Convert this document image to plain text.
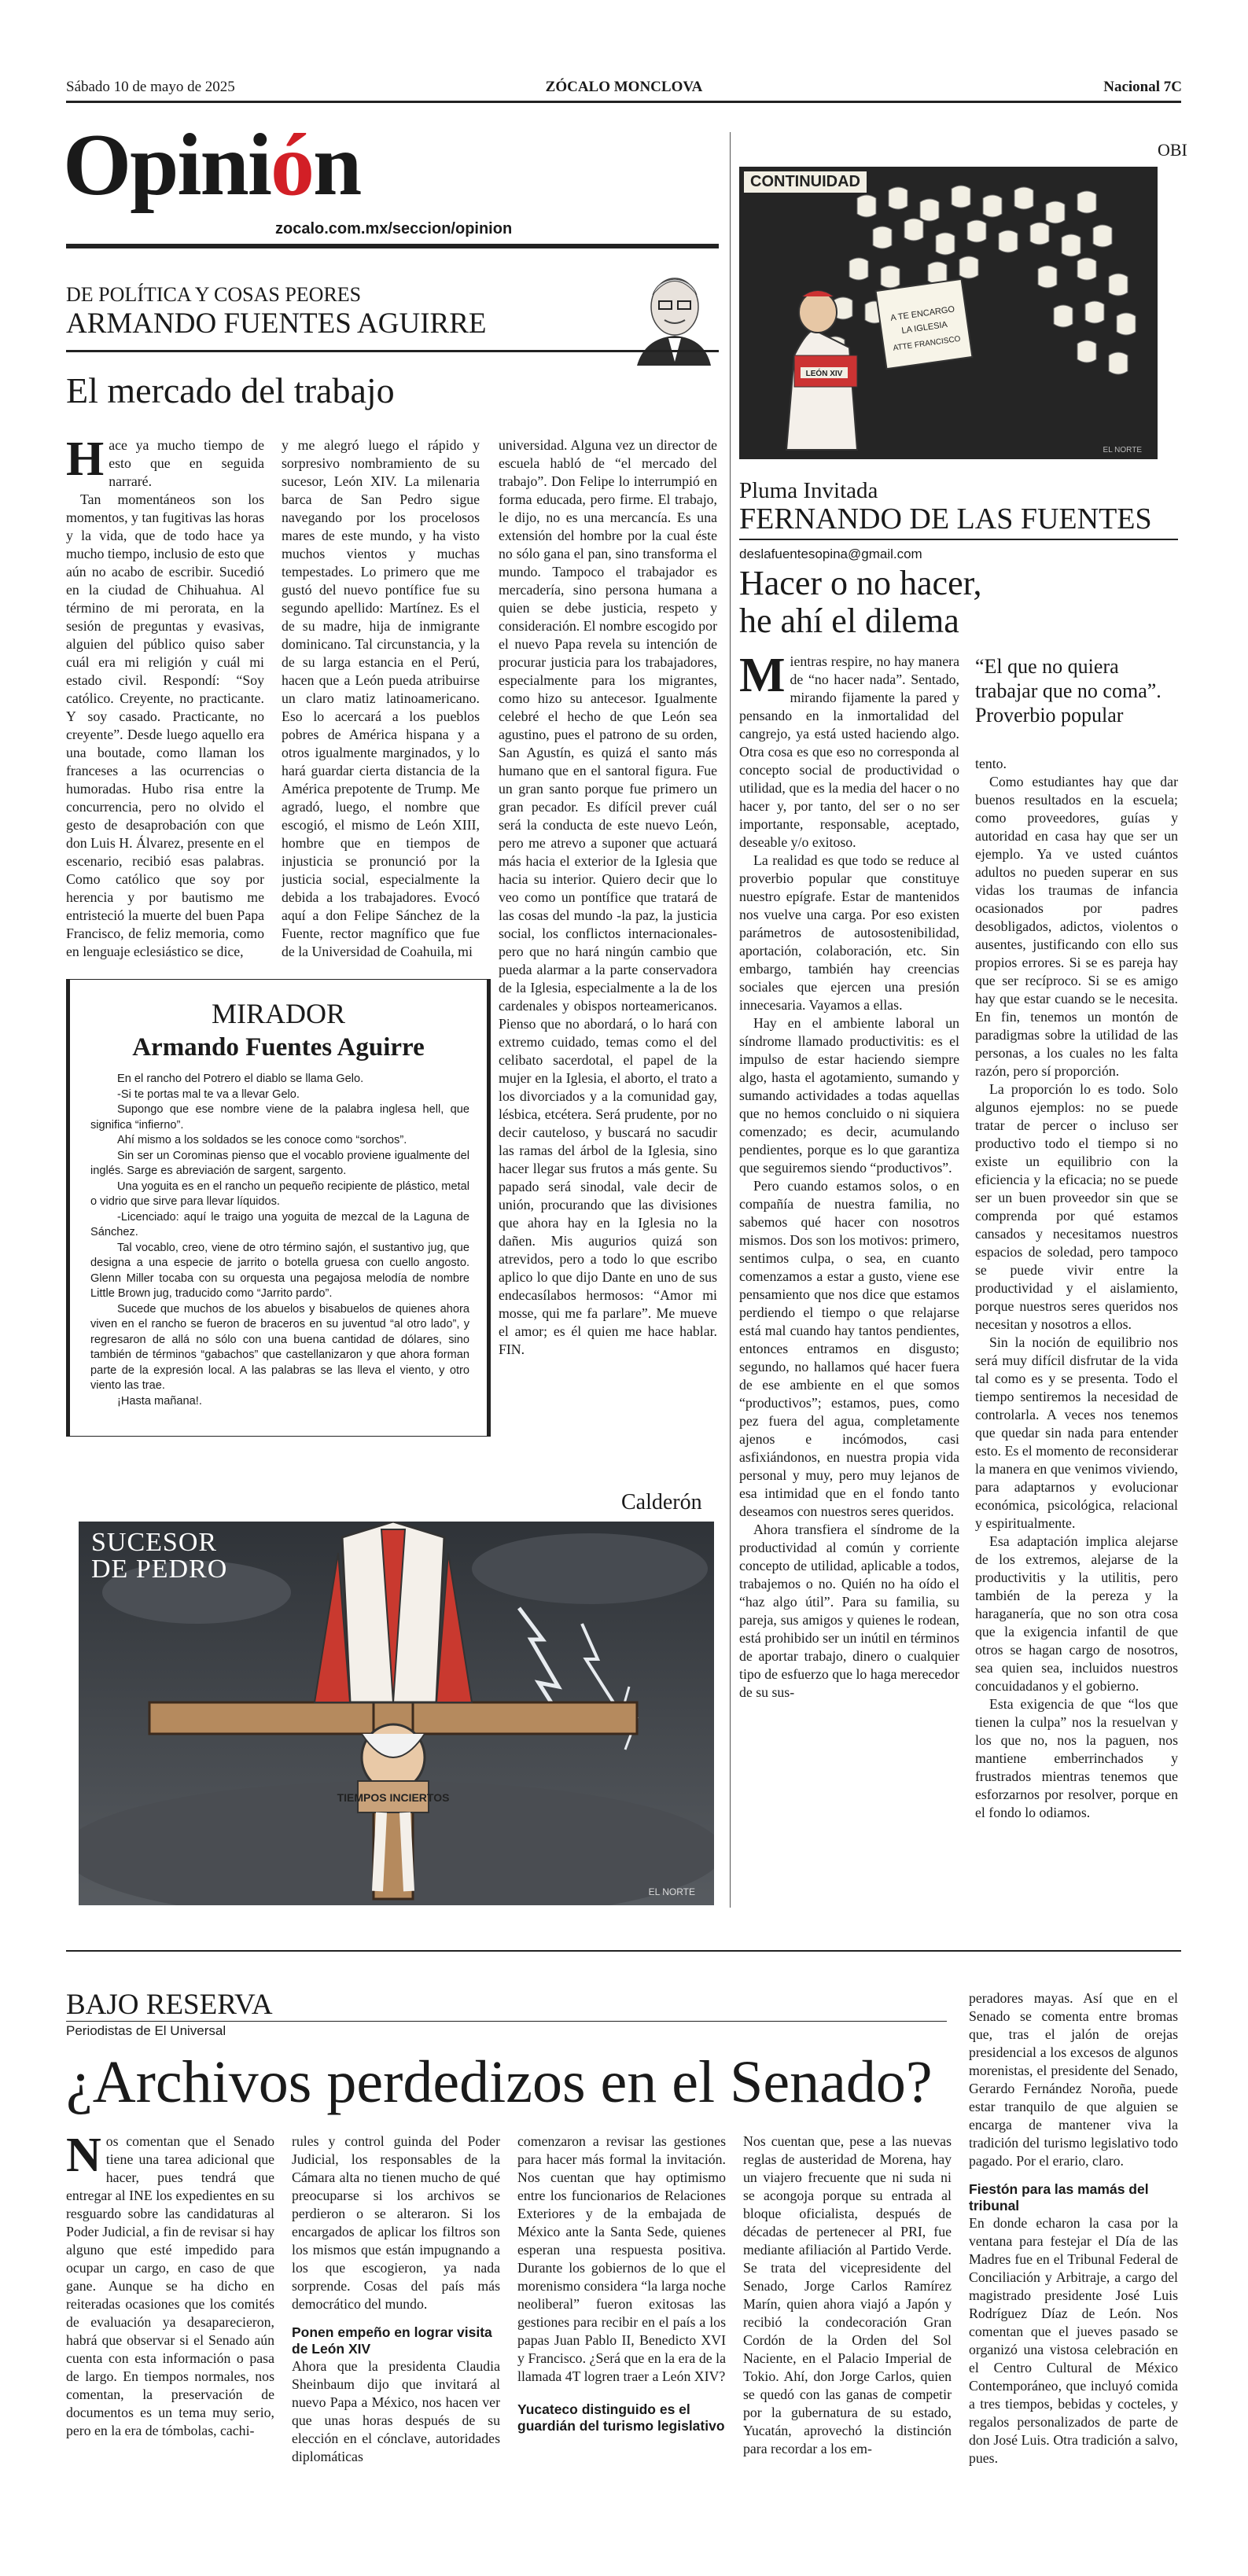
Sábado 10 de mayo de 2025	ZÓCALO MONCLOVA	Nacional 7C
Opinión
zocalo.com.mx/seccion/opinion
DE POLÍTICA Y COSAS PEORES
ARMANDO FUENTES AGUIRRE
El mercado del trabajo

Hace ya mucho tiempo de esto que en seguida narraré.

Tan momentáneos son los momentos, y tan fugitivas las horas y la vida, que de todo hace ya mucho tiempo, inclusio de esto que aún no acabo de escribir. Sucedió en la ciudad de Chihuahua. Al término de mi perorata, en la sesión de preguntas y evasivas, alguien del público quiso saber cuál era mi religión y cuál mi estado civil. Respondí: “Soy católico. Creyente, no practicante. Y soy casado. Practicante, no creyente”. Desde luego aquello era una boutade, como llaman los franceses a las ocurrencias o humoradas. Hubo risa entre la concurrencia, pero no olvido el gesto de desaprobación con que don Luis H. Álvarez, presente en el escenario, recibió esas palabras. Como católico que soy por herencia y por bautismo me entristeció la muerte del buen Papa Francisco, de feliz memoria, como en lenguaje eclesiástico se dice,

y me alegró luego el rápido y sorpresivo nombramiento de su sucesor, León XIV. La milenaria barca de San Pedro sigue navegando por los procelosos mares de este mundo, y ha visto muchos vientos y muchas tempestades. Lo primero que me gustó del nuevo pontífice fue su segundo apellido: Martínez. Es el de su madre, hija de inmigrante dominicano. Tal circunstancia, y la de su larga estancia en el Perú, hacen que a León pueda atribuirse un claro matiz latinoamericano. Eso lo acercará a los pueblos pobres de América hispana y a otros igualmente marginados, y lo hará guardar cierta distancia de la América prepotente de Trump. Me agradó, luego, el nombre que escogió, el mismo de León XIII, hombre que en tiempos de injusticia se pronunció por la justicia social, especialmente la debida a los trabajadores. Evocó aquí a don Felipe Sánchez de la Fuente, rector magnífico que fue de la Universidad de Coahuila, mi

universidad. Alguna vez un director de escuela habló de “el mercado del trabajo”. Don Felipe lo interrumpió en forma educada, pero firme. El trabajo, le dijo, no es una mercancía. Es una extensión del hombre por la cual éste no sólo gana el pan, sino transforma el mundo. Tampoco el trabajador es mercadería, sino persona humana a quien se debe justicia, respeto y consideración. El nombre escogido por el nuevo Papa revela su intención de procurar justicia para los trabajadores, especialmente para los migrantes, como hizo su antecesor. Igualmente celebré el hecho de que León sea agustino, pues el patrono de su orden, San Agustín, es quizá el santo más humano que en el santoral figura. Fue un gran santo porque fue primero un gran pecador. Es difícil prever cuál será la conducta de este nuevo León, pero me atrevo a suponer que actuará más hacia el exterior de la Iglesia que hacia su interior. Quiero decir que lo veo como un pontífice que tratará de las cosas del mundo -la paz, la justicia social, los conflictos internacionales- pero que no hará ningún cambio que pueda alarmar a la parte conservadora de la Iglesia, especialmente a la de los cardenales y obispos norteamericanos. Pienso que no abordará, o lo hará con extremo cuidado, temas como el del celibato sacerdotal, el papel de la mujer en la Iglesia, el aborto, el trato a los divorciados y a la comunidad gay, lésbica, etcétera. Será prudente, por no decir cauteloso, y buscará no sacudir las ramas del árbol de la Iglesia, sino hacer llegar sus frutos a más gente. Su papado será sinodal, vale decir de unión, procurando que las divisiones que ahora hay en la Iglesia no la dañen. Mis augurios quizá son atrevidos, pero a todo lo que escribo aplico lo que dijo Dante en uno de sus endecasílabos hermosos: “Amor mi mosse, qui me fa parlare”. Me mueve el amor; es él quien me hace hablar. FIN.

MIRADOR
Armando Fuentes Aguirre

En el rancho del Potrero el diablo se llama Gelo.

-Si te portas mal te va a llevar Gelo.

Supongo que ese nombre viene de la palabra inglesa hell, que significa “infierno”.

Ahí mismo a los soldados se les conoce como “sorchos”.

Sin ser un Corominas pienso que el vocablo proviene igualmente del inglés. Sarge es abreviación de sargent, sargento.

Una yoguita es en el rancho un pequeño recipiente de plástico, metal o vidrio que sirve para llevar líquidos.

-Licenciado: aquí le traigo una yoguita de mezcal de la Laguna de Sánchez.

Tal vocablo, creo, viene de otro término sajón, el sustantivo jug, que designa a una especie de jarrito o botella gruesa con cuello angosto. Glenn Miller tocaba con su orquesta una pegajosa melodía de nombre Little Brown jug, traducido como “Jarrito pardo”.

Sucede que muchos de los abuelos y bisabuelos de quienes ahora viven en el rancho se fueron de braceros en su juventud “al otro lado”, y regresaron de allá no sólo con una buena cantidad de dólares, sino también de términos “gabachos” que castellanizaron y que ahora forman parte de la expresión local. A las palabras se las lleva el viento, y otro viento las trae.

¡Hasta mañana!.

Calderón
TIEMPOS INCIERTOS
SUCESOR
DE PEDRO
EL NORTE
OBI
LEÓN XIV
A TE ENCARGO
LA IGLESIA
ATTE FRANCISCO
CONTINUIDAD
EL NORTE
Pluma Invitada
FERNANDO DE LAS FUENTES
deslafuentesopina@gmail.com
Hacer o no hacer, he ahí el dilema
“El que no quiera trabajar que no coma”.
Proverbio popular

Mientras respire, no hay manera de “no hacer nada”. Sentado, mirando fijamente la pared y pensando en la inmortalidad del cangrejo, ya está usted haciendo algo. Otra cosa es que eso no corresponda al concepto social de productividad o utilidad, que es la media del hacer o no hacer y, por tanto, del ser o no ser importante, responsable, aceptado, deseable y/o exitoso.

La realidad es que todo se reduce al proverbio popular que constituye nuestro epígrafe. Estar de mantenidos nos vuelve una carga. Por eso existen parámetros de autosostenibilidad, aportación, colaboración, etc. Sin embargo, también hay creencias sociales que ejercen una presión innecesaria. Vayamos a ellas.

Hay en el ambiente laboral un síndrome llamado productivitis: es el impulso de estar haciendo siempre algo, hasta el agotamiento, sumando y sumando actividades a todas aquellas que no hemos concluido o ni siquiera comenzado; es decir, acumulando pendientes, porque es lo que garantiza que seguiremos siendo “productivos”.

Pero cuando estamos solos, o en compañía de nuestra familia, no sabemos qué hacer con nosotros mismos. Dos son los motivos: primero, sentimos culpa, o sea, en cuanto comenzamos a estar a gusto, viene ese pensamiento que nos dice que estamos perdiendo el tiempo o que relajarse está mal cuando hay tantos pendientes, entonces entramos en disgusto; segundo, no hallamos qué hacer fuera de ese ambiente en el que somos “productivos”; estamos, pues, como pez fuera del agua, completamente ajenos e incómodos, casi asfixiándonos, en nuestra propia vida personal y muy, pero muy lejanos de esa intimidad que en el fondo tanto deseamos con nuestros seres queridos.

Ahora transfiera el síndrome de la productividad al común y corriente concepto de utilidad, aplicable a todos, trabajemos o no. Quién no ha oído el “haz algo útil”. Para su familia, su pareja, sus amigos y quienes le rodean, está prohibido ser un inútil en términos de aportar trabajo, dinero o cualquier tipo de esfuerzo que lo haga merecedor de su sus-

tento.

Como estudiantes hay que dar buenos resultados en la escuela; como proveedores, guías y autoridad en casa hay que ser un ejemplo. Ya ve usted cuántos adultos no pueden superar en sus vidas los traumas de infancia ocasionados por padres desobligados, adictos, violentos o ausentes, justificando con ello sus propios errores. Si se es pareja hay que ser recíproco. Si se es amigo hay que estar cuando se le necesita. En fin, tenemos un montón de paradigmas sobre la utilidad de las personas, a los cuales no les falta razón, pero sí proporción.

La proporción lo es todo. Solo algunos ejemplos: no se puede tratar de percer o incluso ser productivo todo el tiempo si no existe un equilibrio con la eficiencia y la eficacia; no se puede ser un buen proveedor sin que se comprenda por qué estamos cansados y necesitamos nuestros espacios de soledad, pero tampoco se puede vivir entre la productividad y el aislamiento, porque nuestros seres queridos nos necesitan y nosotros a ellos.

Sin la noción de equilibrio nos será muy difícil disfrutar de la vida tal como es y se presenta. Todo el tiempo sentiremos la necesidad de controlarla. A veces nos tenemos que quedar sin nada para entender esto. Es el momento de reconsiderar la manera en que venimos viviendo, para adaptarnos y evolucionar económica, psicológica, relacional y espiritualmente.

Esa adaptación implica alejarse de los extremos, alejarse de la productivitis y la utilitis, pero también de la pereza y la haraganería, que no son otra cosa que la exigencia infantil de que otros se hagan cargo de nosotros, sea quien sea, incluidos nuestros concuidadanos y el gobierno.

Esta exigencia de que “los que tienen la culpa” nos la resuelvan y los que no, nos la paguen, nos mantiene emberrinchados y frustrados mientras tenemos que esforzarnos por resolver, porque en el fondo lo odiamos.

BAJO RESERVA
Periodistas de El Universal
¿Archivos perdedizos en el Senado?

Nos comentan que el Senado tiene una tarea adicional que hacer, pues tendrá que entregar al INE los expedientes en su resguardo sobre las candidaturas al Poder Judicial, a fin de revisar si hay alguno que esté impedido para ocupar un cargo, en caso de que gane. Aunque se ha dicho en reiteradas ocasiones que los comités de evaluación ya desaparecieron, habrá que observar si el Senado aún cuenta con esta información o pasa de largo. En tiempos normales, nos comentan, la preservación de documentos es un tema muy serio, pero en la era de tómbolas, cachi-

rules y control guinda del Poder Judicial, los responsables de la Cámara alta no tienen mucho de qué preocuparse si los archivos se perdieron o se alteraron. Si los encargados de aplicar los filtros son los mismos que están impugnando a los que escogieron, ya nada sorprende. Cosas del país más democrático del mundo.

Ponen empeño en lograr visita de León XIV

Ahora que la presidenta Claudia Sheinbaum dijo que invitará al nuevo Papa a México, nos hacen ver que unas horas después de su elección en el cónclave, autoridades diplomáticas

comenzaron a revisar las gestiones para hacer más formal la invitación. Nos cuentan que hay optimismo entre los funcionarios de Relaciones Exteriores y de la embajada de México ante la Santa Sede, quienes esperan una respuesta positiva. Durante los gobiernos de lo que el morenismo considera “la larga noche neoliberal” fueron exitosas las gestiones para recibir en el país a los papas Juan Pablo II, Benedicto XVI y Francisco. ¿Será que en la era de la llamada 4T logren traer a León XIV?

Yucateco distinguido es el guardián del turismo legislativo

Nos cuentan que, pese a las nuevas reglas de austeridad de Morena, hay un viajero frecuente que ni suda ni se acongoja porque su entrada al bloque oficialista, después de décadas de pertenecer al PRI, fue mediante afiliación al Partido Verde. Se trata del vicepresidente del Senado, Jorge Carlos Ramírez Marín, quien ahora viajó a Japón y recibió la condecoración Gran Cordón de la Orden del Sol Naciente, en el Palacio Imperial de Tokio. Ahí, don Jorge Carlos, quien se quedó con las ganas de competir por la gubernatura de su estado, Yucatán, aprovechó la distinción para recordar a los em-

peradores mayas. Así que en el Senado se comenta entre bromas que, tras el jalón de orejas presidencial a los excesos de algunos morenistas, el presidente del Senado, Gerardo Fernández Noroña, puede estar tranquilo de que alguien se encarga de mantener viva la tradición del turismo legislativo todo pagado. Por el erario, claro.

Fiestón para las mamás del tribunal

En donde echaron la casa por la ventana para festejar el Día de las Madres fue en el Tribunal Federal de Conciliación y Arbitraje, a cargo del magistrado presidente José Luis Rodríguez Díaz de León. Nos comentan que el jueves pasado se organizó una vistosa celebración en el Centro Cultural de México Contemporáneo, que incluyó comida a tres tiempos, bebidas y cocteles, y regalos personalizados de parte de don José Luis. Otra tradición a salvo, pues.
